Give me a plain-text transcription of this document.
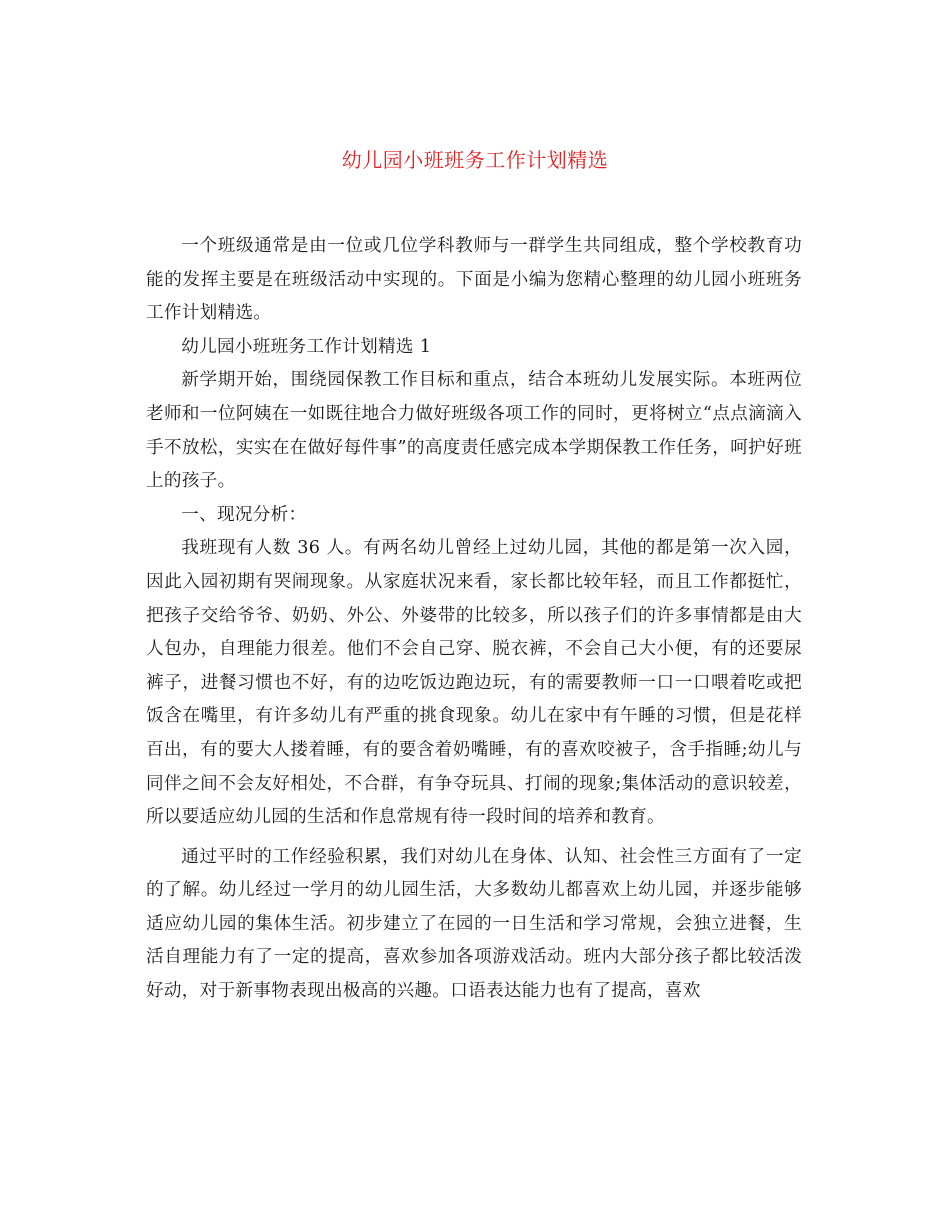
幼儿园小班班务工作计划精选

一个班级通常是由一位或几位学科教师与一群学生共同组成，整个学校教育功能的发挥主要是在班级活动中实现的。下面是小编为您精心整理的幼儿园小班班务工作计划精选。

幼儿园小班班务工作计划精选 1

新学期开始，围绕园保教工作目标和重点，结合本班幼儿发展实际。本班两位老师和一位阿姨在一如既往地合力做好班级各项工作的同时，更将树立“点点滴滴入手不放松，实实在在做好每件事”的高度责任感完成本学期保教工作任务，呵护好班上的孩子。

一、现况分析：

我班现有人数 36 人。有两名幼儿曾经上过幼儿园，其他的都是第一次入园，因此入园初期有哭闹现象。从家庭状况来看，家长都比较年轻，而且工作都挺忙，把孩子交给爷爷、奶奶、外公、外婆带的比较多，所以孩子们的许多事情都是由大人包办，自理能力很差。他们不会自己穿、脱衣裤，不会自己大小便，有的还要尿裤子，进餐习惯也不好，有的边吃饭边跑边玩，有的需要教师一口一口喂着吃或把饭含在嘴里，有许多幼儿有严重的挑食现象。幼儿在家中有午睡的习惯，但是花样百出，有的要大人搂着睡，有的要含着奶嘴睡，有的喜欢咬被子，含手指睡;幼儿与同伴之间不会友好相处，不合群，有争夺玩具、打闹的现象;集体活动的意识较差，所以要适应幼儿园的生活和作息常规有待一段时间的培养和教育。

通过平时的工作经验积累，我们对幼儿在身体、认知、社会性三方面有了一定的了解。幼儿经过一学月的幼儿园生活，大多数幼儿都喜欢上幼儿园，并逐步能够适应幼儿园的集体生活。初步建立了在园的一日生活和学习常规，会独立进餐，生活自理能力有了一定的提高，喜欢参加各项游戏活动。班内大部分孩子都比较活泼好动，对于新事物表现出极高的兴趣。口语表达能力也有了提高，喜欢
